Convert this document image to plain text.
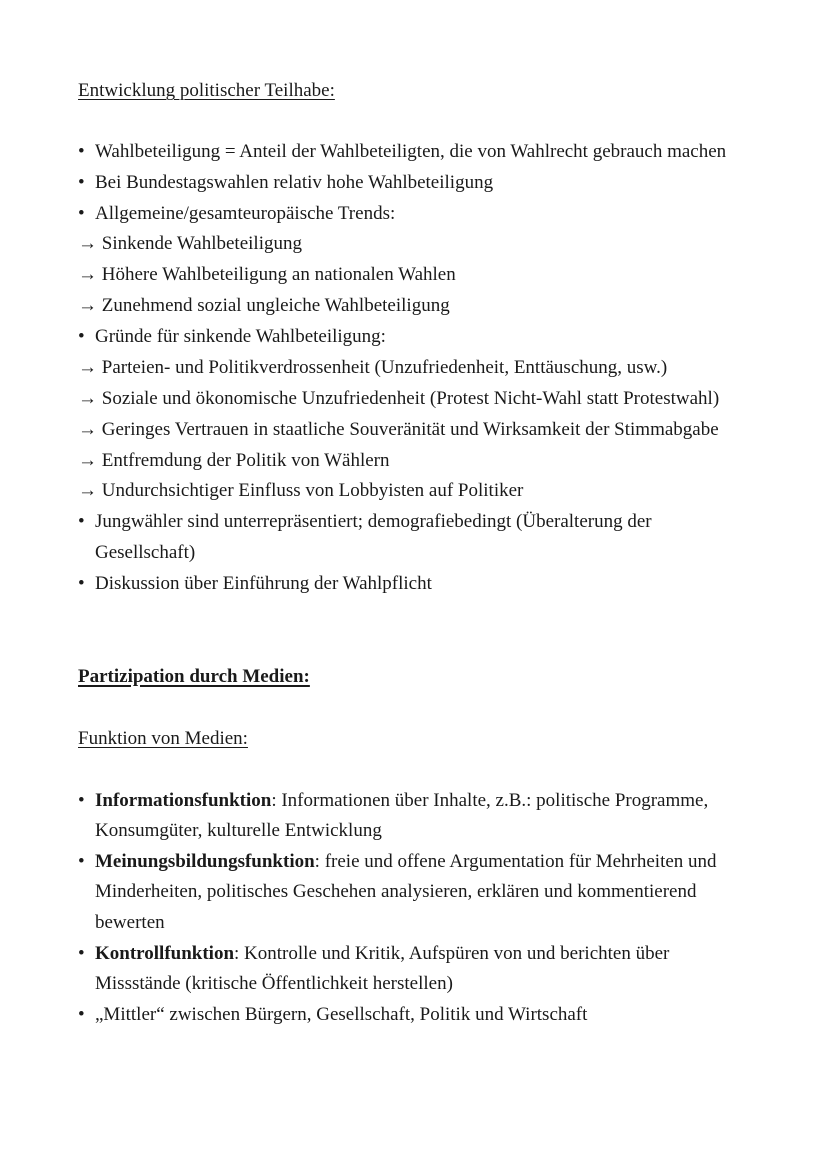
Entwicklung politischer Teilhabe:
• Wahlbeteiligung = Anteil der Wahlbeteiligten, die von Wahlrecht gebrauch machen
• Bei Bundestagswahlen relativ hohe Wahlbeteiligung
• Allgemeine/gesamteuropäische Trends:
→ Sinkende Wahlbeteiligung
→ Höhere Wahlbeteiligung an nationalen Wahlen
→ Zunehmend sozial ungleiche Wahlbeteiligung
• Gründe für sinkende Wahlbeteiligung:
→ Parteien- und Politikverdrossenheit (Unzufriedenheit, Enttäuschung, usw.)
→ Soziale und ökonomische Unzufriedenheit (Protest Nicht-Wahl statt Protestwahl)
→ Geringes Vertrauen in staatliche Souveränität und Wirksamkeit der Stimmabgabe
→ Entfremdung der Politik von Wählern
→ Undurchsichtiger Einfluss von Lobbyisten auf Politiker
• Jungwähler sind unterrepräsentiert; demografiebedingt (Überalterung der
Gesellschaft)
• Diskussion über Einführung der Wahlpflicht
Partizipation durch Medien:
Funktion von Medien:
• Informationsfunktion: Informationen über Inhalte, z.B.: politische Programme,
Konsumgüter, kulturelle Entwicklung
• Meinungsbildungsfunktion: freie und offene Argumentation für Mehrheiten und
Minderheiten, politisches Geschehen analysieren, erklären und kommentierend
bewerten
• Kontrollfunktion: Kontrolle und Kritik, Aufspüren von und berichten über
Missstände (kritische Öffentlichkeit herstellen)
• „Mittler“ zwischen Bürgern, Gesellschaft, Politik und Wirtschaft
